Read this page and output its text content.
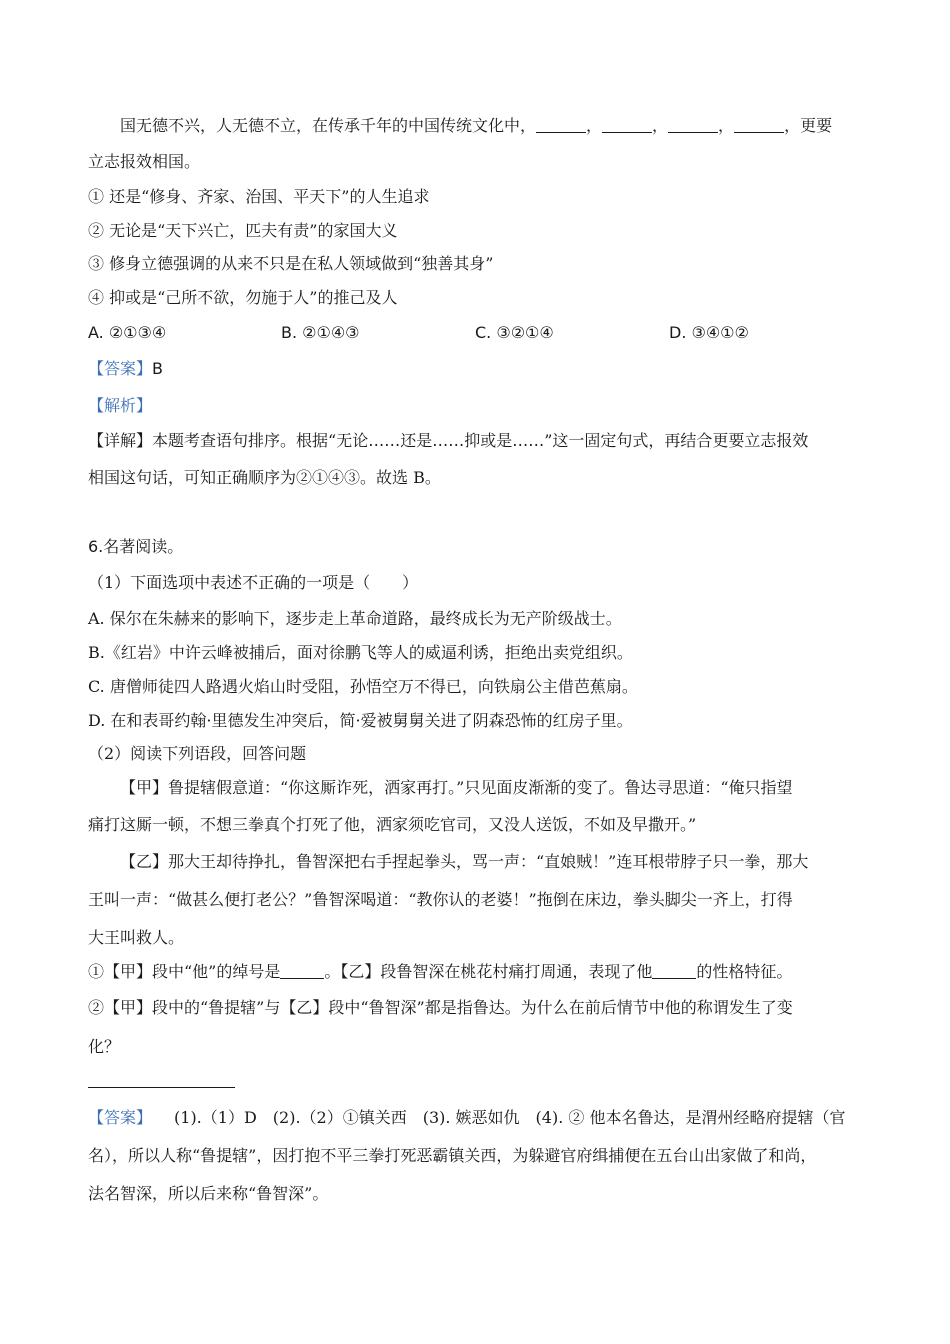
国无德不兴，人无德不立，在传承千年的中国传统文化中，	，	，	，	，更要
立志报效相国。
① 还是“修身、齐家、治国、平天下”的人生追求
② 无论是“天下兴亡，匹夫有责”的家国大义
③ 修身立德强调的从来不只是在私人领域做到“独善其身”
④ 抑或是“己所不欲，勿施于人”的推己及人
A. ②①③④	B. ②①④③	C. ③②①④	D. ③④①②
【答案】B
【解析】
【详解】本题考查语句排序。根据“无论……还是……抑或是……”这一固定句式，再结合更要立志报效
相国这句话，可知正确顺序为②①④③。故选 B。
6.名著阅读。
（1）下面选项中表述不正确的一项是（　　）
A. 保尔在朱赫来的影响下，逐步走上革命道路，最终成长为无产阶级战士。
B.《红岩》中许云峰被捕后，面对徐鹏飞等人的威逼利诱，拒绝出卖党组织。
C. 唐僧师徒四人路遇火焰山时受阻，孙悟空万不得已，向铁扇公主借芭蕉扇。
D. 在和表哥约翰·里德发生冲突后，简·爱被舅舅关进了阴森恐怖的红房子里。
（2）阅读下列语段，回答问题
【甲】鲁提辖假意道：“你这厮诈死，洒家再打。”只见面皮渐渐的变了。鲁达寻思道：“俺只指望
痛打这厮一顿，不想三拳真个打死了他，洒家须吃官司，又没人送饭，不如及早撒开。”
【乙】那大王却待挣扎，鲁智深把右手捏起拳头，骂一声：“直娘贼！”连耳根带脖子只一拳，那大
王叫一声：“做甚么便打老公？”鲁智深喝道：“教你认的老婆！”拖倒在床边，拳头脚尖一齐上，打得
大王叫救人。
①【甲】段中“他”的绰号是	。【乙】段鲁智深在桃花村痛打周通，表现了他	的性格特征。
②【甲】段中的“鲁提辖”与【乙】段中“鲁智深”都是指鲁达。为什么在前后情节中他的称谓发生了变
化？
【答案】 (1).（1）D　(2).（2）①镇关西　(3). 嫉恶如仇　(4). ② 他本名鲁达，是渭州经略府提辖（官
名），所以人称“鲁提辖”，因打抱不平三拳打死恶霸镇关西，为躲避官府缉捕便在五台山出家做了和尚，
法名智深，所以后来称“鲁智深”。
